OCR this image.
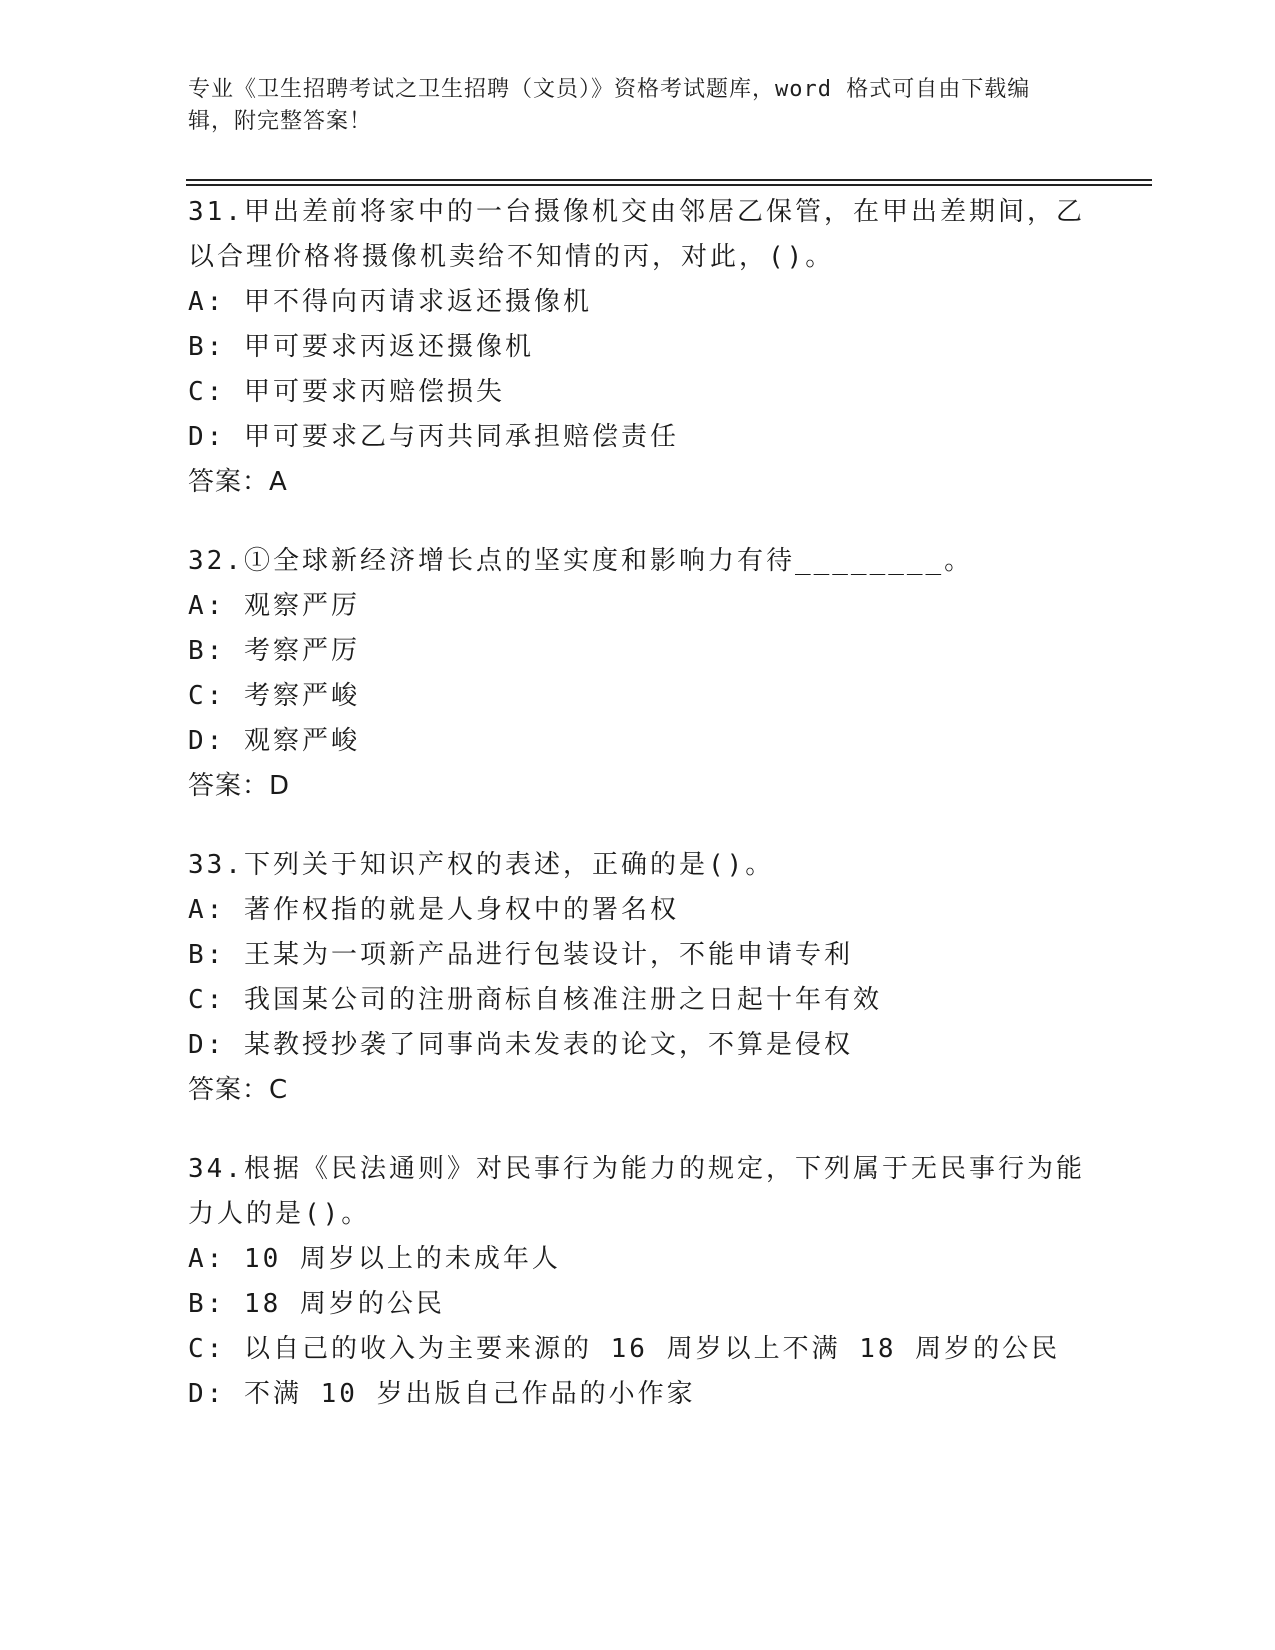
专业《卫生招聘考试之卫生招聘（文员）》资格考试题库，word 格式可自由下载编辑，附完整答案！

31.甲出差前将家中的一台摄像机交由邻居乙保管，在甲出差期间，乙以合理价格将摄像机卖给不知情的丙，对此，()。

A: 甲不得向丙请求返还摄像机

B: 甲可要求丙返还摄像机

C: 甲可要求丙赔偿损失

D: 甲可要求乙与丙共同承担赔偿责任

答案：A

32.①全球新经济增长点的坚实度和影响力有待________。

A: 观察严厉

B: 考察严厉

C: 考察严峻

D: 观察严峻

答案：D

33.下列关于知识产权的表述，正确的是()。

A: 著作权指的就是人身权中的署名权

B: 王某为一项新产品进行包装设计，不能申请专利

C: 我国某公司的注册商标自核准注册之日起十年有效

D: 某教授抄袭了同事尚未发表的论文，不算是侵权

答案：C

34.根据《民法通则》对民事行为能力的规定，下列属于无民事行为能力人的是()。

A: 10 周岁以上的未成年人

B: 18 周岁的公民

C: 以自己的收入为主要来源的 16 周岁以上不满 18 周岁的公民

D: 不满 10 岁出版自己作品的小作家
